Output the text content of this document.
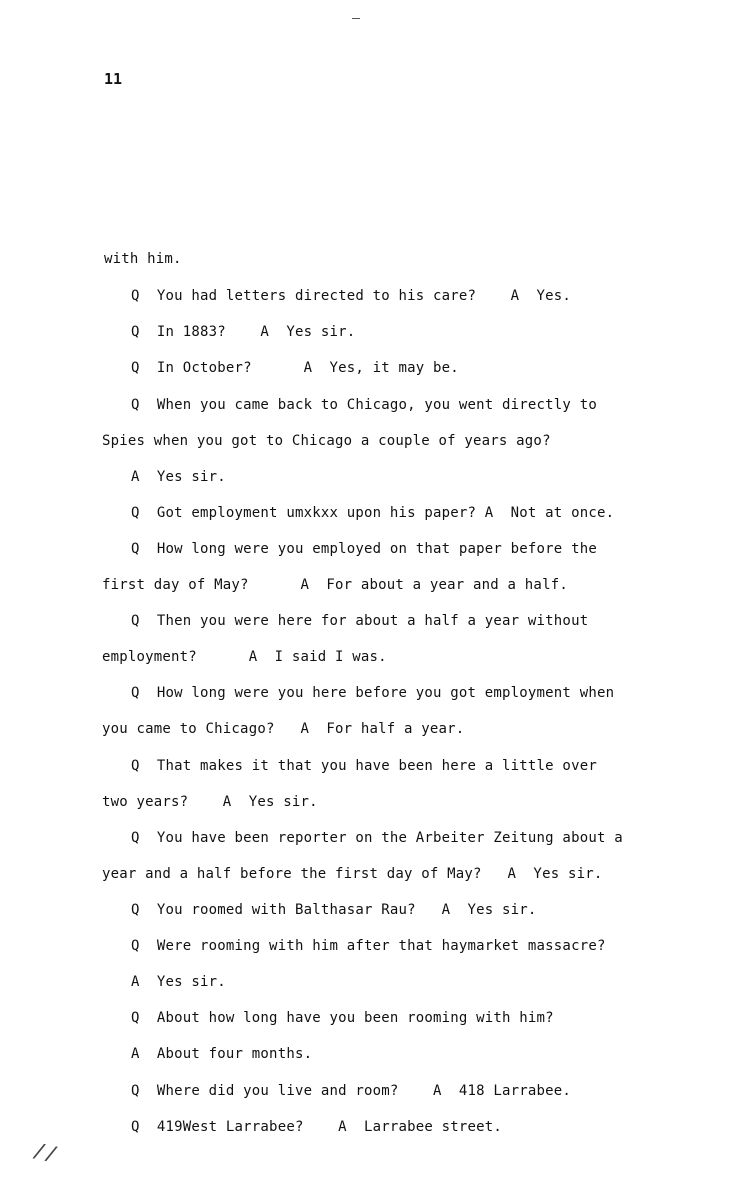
11
with him.
Q  You had letters directed to his care?    A  Yes.
Q  In 1883?    A  Yes sir.
Q  In October?      A  Yes, it may be.
Q  When you came back to Chicago, you went directly to
Spies when you got to Chicago a couple of years ago?
A  Yes sir.
Q  Got employment umxkxx upon his paper? A  Not at once.
Q  How long were you employed on that paper before the
first day of May?      A  For about a year and a half.
Q  Then you were here for about a half a year without
employment?      A  I said I was.
Q  How long were you here before you got employment when
you came to Chicago?   A  For half a year.
Q  That makes it that you have been here a little over
two years?    A  Yes sir.
Q  You have been reporter on the Arbeiter Zeitung about a
year and a half before the first day of May?   A  Yes sir.
Q  You roomed with Balthasar Rau?   A  Yes sir.
Q  Were rooming with him after that haymarket massacre?
A  Yes sir.
Q  About how long have you been rooming with him?
A  About four months.
Q  Where did you live and room?    A  418 Larrabee.
Q  419West Larrabee?    A  Larrabee street.
//
